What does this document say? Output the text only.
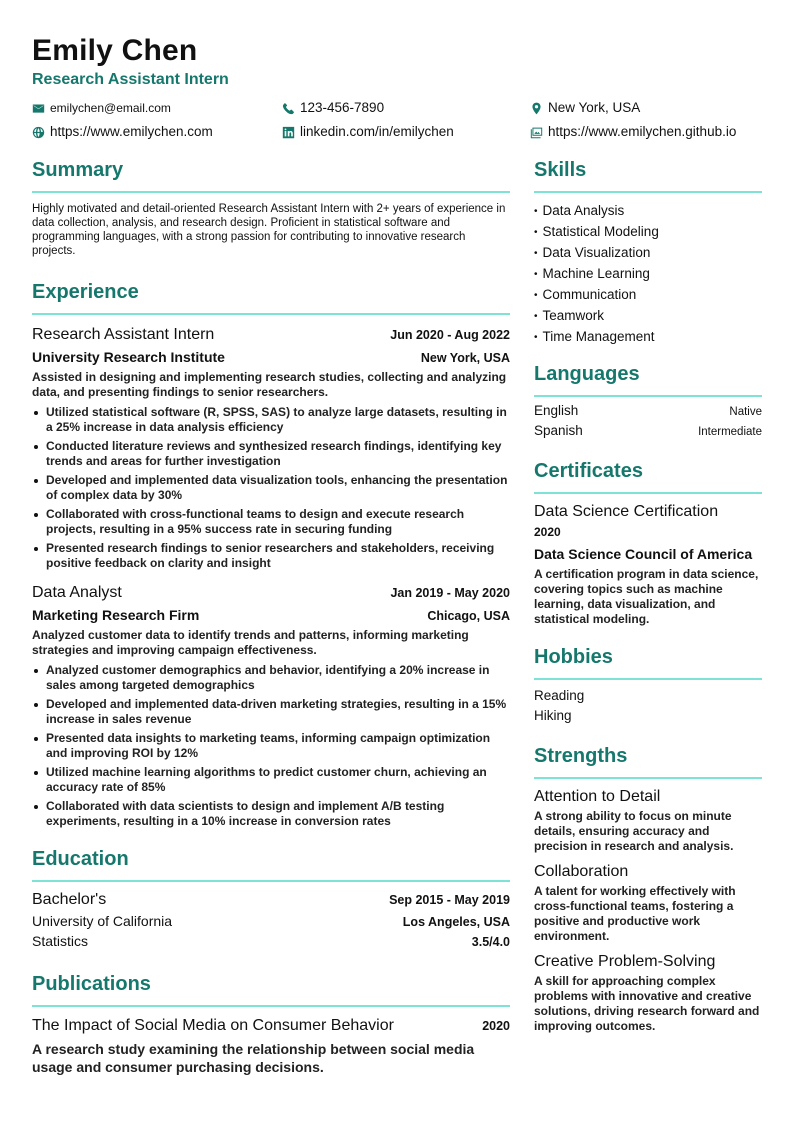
Emily Chen
Research Assistant Intern
emilychen@email.com	123-456-7890	New York, USA
https://www.emilychen.com	linkedin.com/in/emilychen	https://www.emilychen.github.io
Summary
Highly motivated and detail-oriented Research Assistant Intern with 2+ years of experience in data collection, analysis, and research design. Proficient in statistical software and programming languages, with a strong passion for contributing to innovative research projects.
Experience
Research Assistant Intern	Jun 2020 - Aug 2022
University Research Institute	New York, USA
Assisted in designing and implementing research studies, collecting and analyzing data, and presenting findings to senior researchers.
Utilized statistical software (R, SPSS, SAS) to analyze large datasets, resulting in a 25% increase in data analysis efficiency
Conducted literature reviews and synthesized research findings, identifying key trends and areas for further investigation
Developed and implemented data visualization tools, enhancing the presentation of complex data by 30%
Collaborated with cross-functional teams to design and execute research projects, resulting in a 95% success rate in securing funding
Presented research findings to senior researchers and stakeholders, receiving positive feedback on clarity and insight
Data Analyst	Jan 2019 - May 2020
Marketing Research Firm	Chicago, USA
Analyzed customer data to identify trends and patterns, informing marketing strategies and improving campaign effectiveness.
Analyzed customer demographics and behavior, identifying a 20% increase in sales among targeted demographics
Developed and implemented data-driven marketing strategies, resulting in a 15% increase in sales revenue
Presented data insights to marketing teams, informing campaign optimization and improving ROI by 12%
Utilized machine learning algorithms to predict customer churn, achieving an accuracy rate of 85%
Collaborated with data scientists to design and implement A/B testing experiments, resulting in a 10% increase in conversion rates
Education
Bachelor's	Sep 2015 - May 2019
University of California	Los Angeles, USA
Statistics	3.5/4.0
Publications
The Impact of Social Media on Consumer Behavior	2020
A research study examining the relationship between social media usage and consumer purchasing decisions.
Skills
• Data Analysis
• Statistical Modeling
• Data Visualization
• Machine Learning
• Communication
• Teamwork
• Time Management
Languages
English	Native
Spanish	Intermediate
Certificates
Data Science Certification
2020
Data Science Council of America
A certification program in data science, covering topics such as machine learning, data visualization, and statistical modeling.
Hobbies
Reading
Hiking
Strengths
Attention to Detail
A strong ability to focus on minute details, ensuring accuracy and precision in research and analysis.
Collaboration
A talent for working effectively with cross-functional teams, fostering a positive and productive work environment.
Creative Problem-Solving
A skill for approaching complex problems with innovative and creative solutions, driving research forward and improving outcomes.
